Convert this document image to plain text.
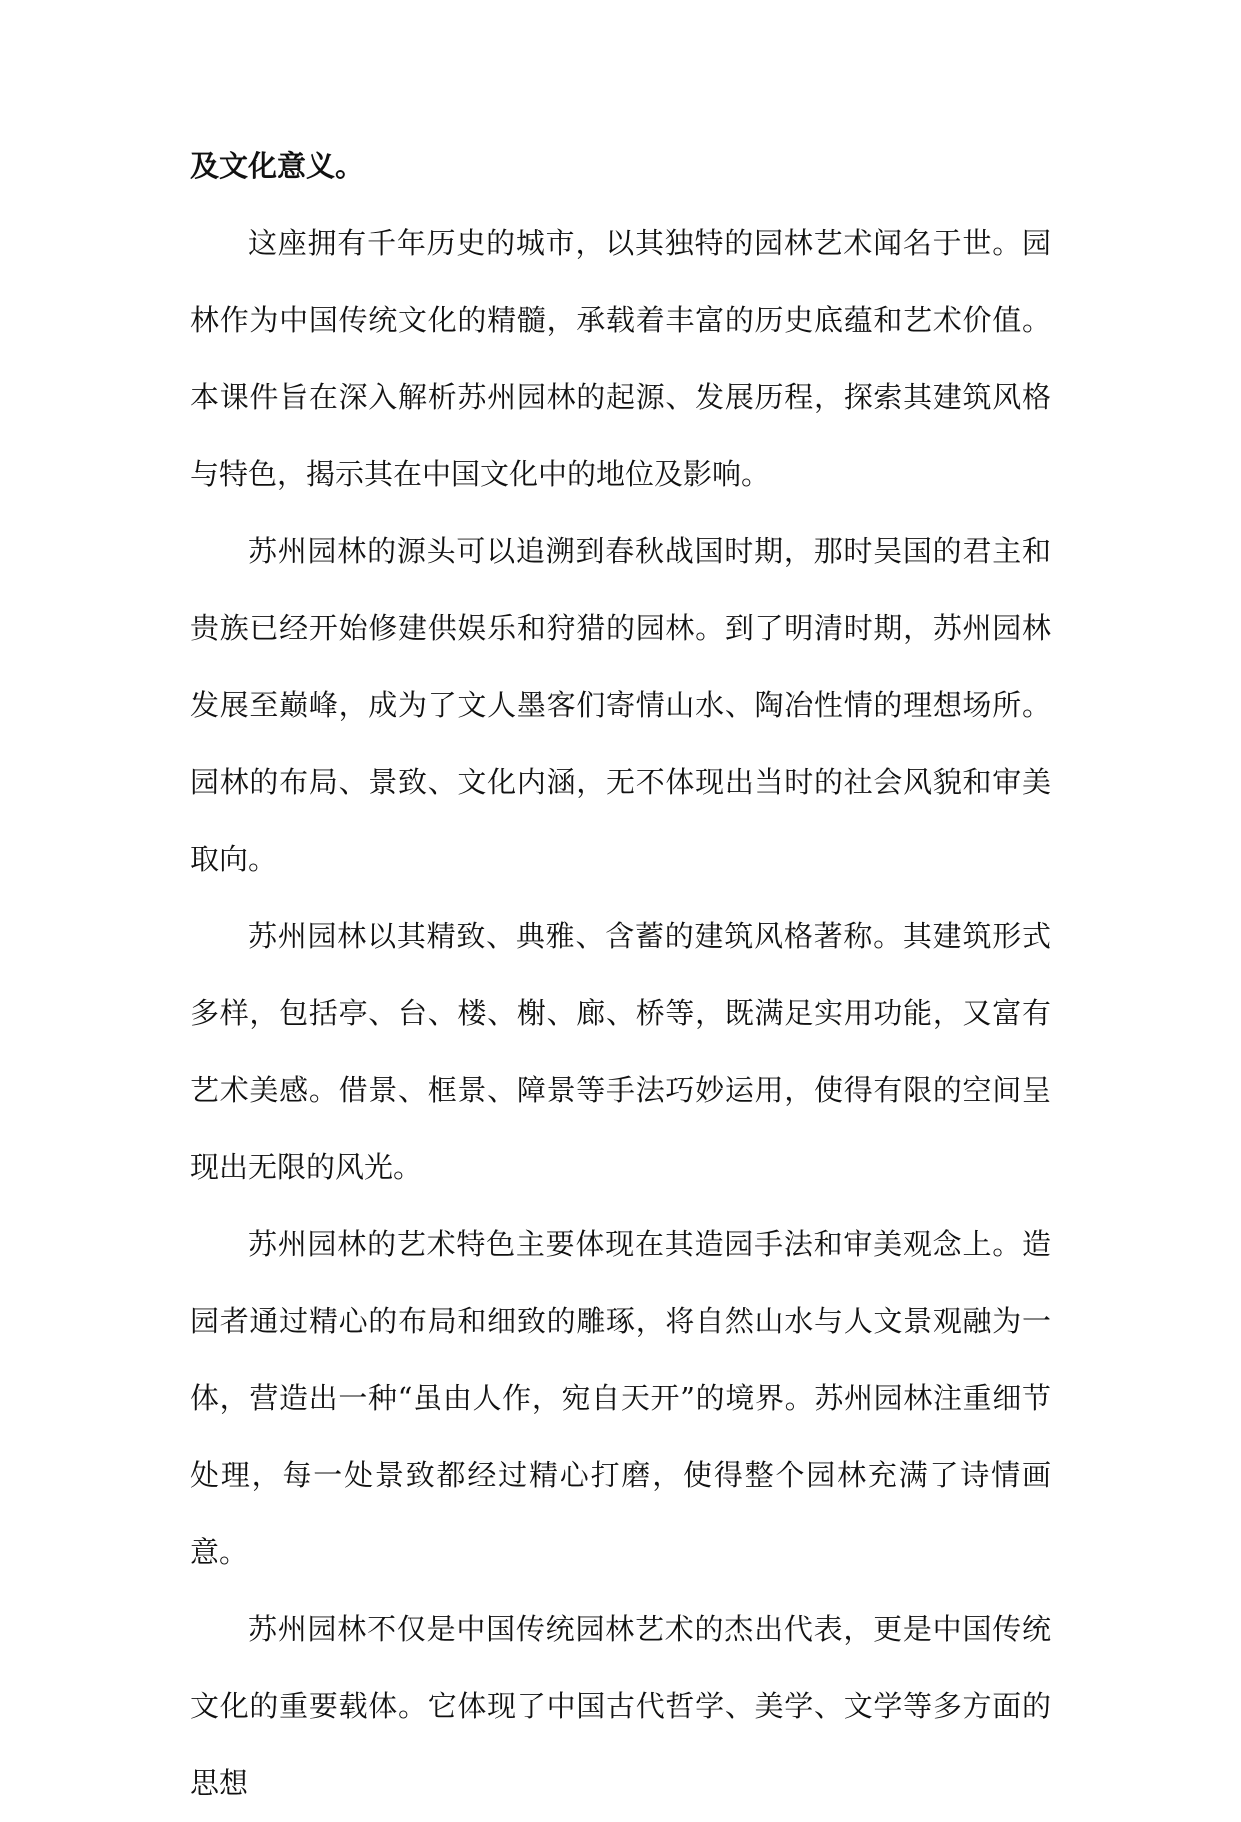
及文化意义。

这座拥有千年历史的城市，以其独特的园林艺术闻名于世。园林作为中国传统文化的精髓，承载着丰富的历史底蕴和艺术价值。本课件旨在深入解析苏州园林的起源、发展历程，探索其建筑风格与特色，揭示其在中国文化中的地位及影响。

苏州园林的源头可以追溯到春秋战国时期，那时吴国的君主和贵族已经开始修建供娱乐和狩猎的园林。到了明清时期，苏州园林发展至巅峰，成为了文人墨客们寄情山水、陶冶性情的理想场所。园林的布局、景致、文化内涵，无不体现出当时的社会风貌和审美取向。

苏州园林以其精致、典雅、含蓄的建筑风格著称。其建筑形式多样，包括亭、台、楼、榭、廊、桥等，既满足实用功能，又富有艺术美感。借景、框景、障景等手法巧妙运用，使得有限的空间呈现出无限的风光。

苏州园林的艺术特色主要体现在其造园手法和审美观念上。造园者通过精心的布局和细致的雕琢，将自然山水与人文景观融为一体，营造出一种“虽由人作，宛自天开”的境界。苏州园林注重细节处理，每一处景致都经过精心打磨，使得整个园林充满了诗情画意。

苏州园林不仅是中国传统园林艺术的杰出代表，更是中国传统文化的重要载体。它体现了中国古代哲学、美学、文学等多方面的思想
